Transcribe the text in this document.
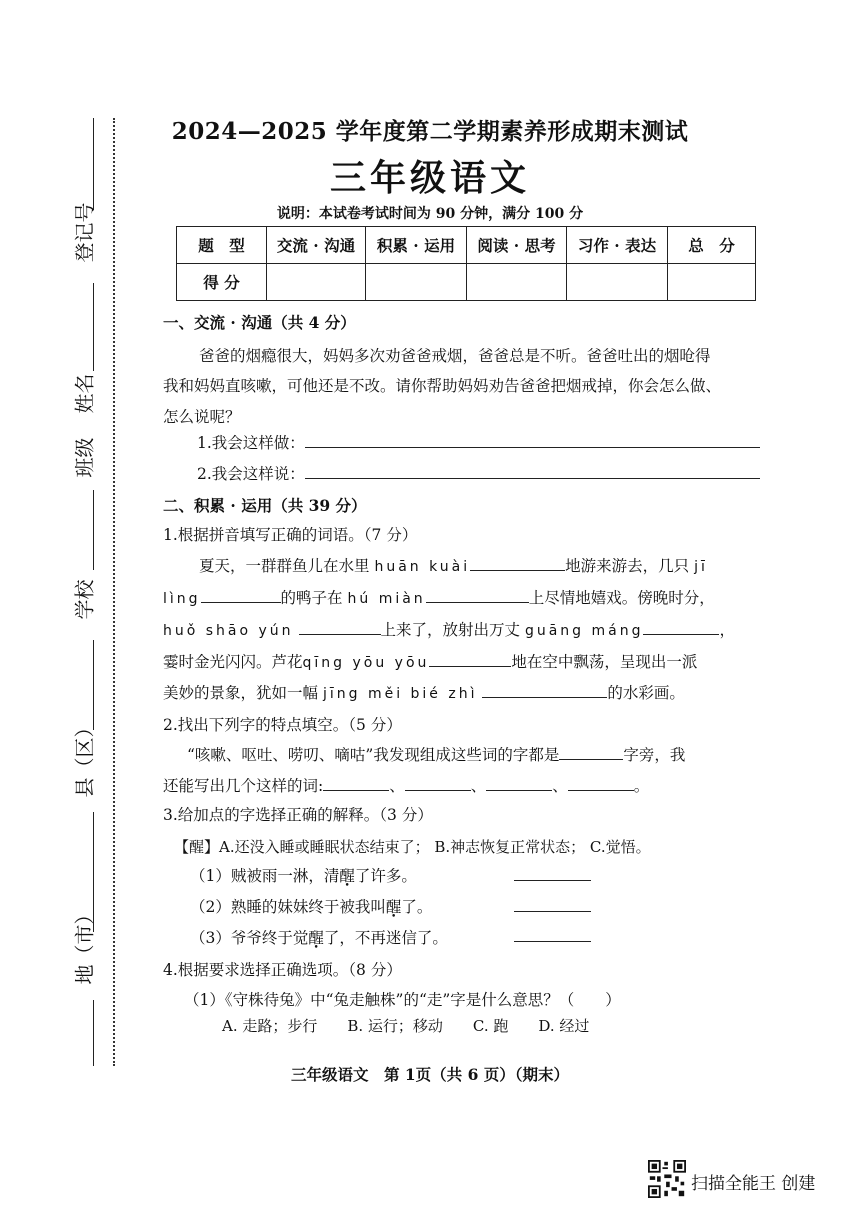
登记号
姓名
班级
学校
县（区）
地（市）
2024—2025 学年度第二学期素养形成期末测试
三年级语文
说明：本试卷考试时间为 90 分钟，满分 100 分
题　型	交流 · 沟通	积累 · 运用	阅读 · 思考	习作 · 表达	总　分
得 分					
一、交流 · 沟通（共 4 分）
爸爸的烟瘾很大，妈妈多次劝爸爸戒烟，爸爸总是不听。爸爸吐出的烟呛得
我和妈妈直咳嗽，可他还是不改。请你帮助妈妈劝告爸爸把烟戒掉，你会怎么做、
怎么说呢？
1.我会这样做：
2.我会这样说：
二、积累 · 运用（共 39 分）
1.根据拼音填写正确的词语。（7 分）
夏天，一群群鱼儿在水里 huān kuài	地游来游去，几只 jī
lìng	的鸭子在 hú miàn	上尽情地嬉戏。傍晚时分，
huǒ shāo yún	上来了，放射出万丈 guāng máng	，
霎时金光闪闪。芦花qīng yōu yōu	地在空中飘荡，呈现出一派
美妙的景象，犹如一幅 jīng měi bié zhì	的水彩画。
2.找出下列字的特点填空。（5 分）
“咳嗽、呕吐、唠叨、嘀咕”我发现组成这些词的字都是	字旁，我
还能写出几个这样的词:	、	、	、	。
3.给加点的字选择正确的解释。（3 分）
【醒】A.还没入睡或睡眠状态结束了； B.神志恢复正常状态； C.觉悟。
（1）贼被雨一淋，清醒了许多。
（2）熟睡的妹妹终于被我叫醒了。
（3）爷爷终于觉醒了，不再迷信了。
4.根据要求选择正确选项。（8 分）
（1）《守株待兔》中“兔走触株”的“走”字是什么意思？（　　）
A. 走路；步行　　B. 运行；移动　　C. 跑　　D. 经过
三年级语文　第 1页（共 6 页）（期末）
扫描全能王 创建
